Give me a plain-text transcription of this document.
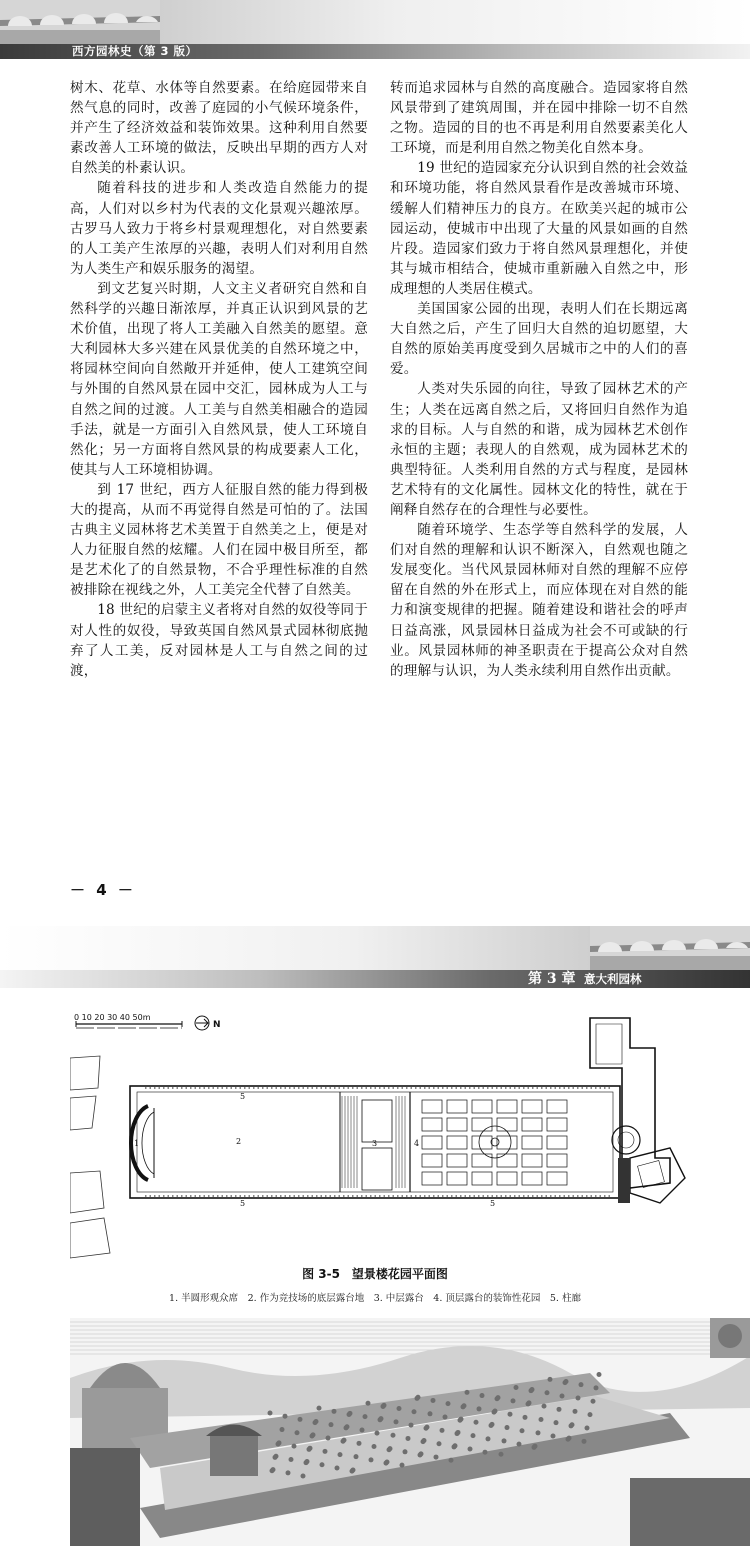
西方园林史（第 3 版）

树木、花草、水体等自然要素。在给庭园带来自然气息的同时，改善了庭园的小气候环境条件，并产生了经济效益和装饰效果。这种利用自然要素改善人工环境的做法，反映出早期的西方人对自然美的朴素认识。

随着科技的进步和人类改造自然能力的提高，人们对以乡村为代表的文化景观兴趣浓厚。古罗马人致力于将乡村景观理想化，对自然要素的人工美产生浓厚的兴趣，表明人们对利用自然为人类生产和娱乐服务的渴望。

到文艺复兴时期，人文主义者研究自然和自然科学的兴趣日渐浓厚，并真正认识到风景的艺术价值，出现了将人工美融入自然美的愿望。意大利园林大多兴建在风景优美的自然环境之中，将园林空间向自然敞开并延伸，使人工建筑空间与外围的自然风景在园中交汇，园林成为人工与自然之间的过渡。人工美与自然美相融合的造园手法，就是一方面引入自然风景，使人工环境自然化；另一方面将自然风景的构成要素人工化，使其与人工环境相协调。

到 17 世纪，西方人征服自然的能力得到极大的提高，从而不再觉得自然是可怕的了。法国古典主义园林将艺术美置于自然美之上，便是对人力征服自然的炫耀。人们在园中极目所至，都是艺术化了的自然景物，不合乎理性标准的自然被排除在视线之外，人工美完全代替了自然美。

18 世纪的启蒙主义者将对自然的奴役等同于对人性的奴役，导致英国自然风景式园林彻底抛弃了人工美，反对园林是人工与自然之间的过渡，

转而追求园林与自然的高度融合。造园家将自然风景带到了建筑周围，并在园中排除一切不自然之物。造园的目的也不再是利用自然要素美化人工环境，而是利用自然之物美化自然本身。

19 世纪的造园家充分认识到自然的社会效益和环境功能，将自然风景看作是改善城市环境、缓解人们精神压力的良方。在欧美兴起的城市公园运动，使城市中出现了大量的风景如画的自然片段。造园家们致力于将自然风景理想化，并使其与城市相结合，使城市重新融入自然之中，形成理想的人类居住模式。

美国国家公园的出现，表明人们在长期远离大自然之后，产生了回归大自然的迫切愿望，大自然的原始美再度受到久居城市之中的人们的喜爱。

人类对失乐园的向往，导致了园林艺术的产生；人类在远离自然之后，又将回归自然作为追求的目标。人与自然的和谐，成为园林艺术创作永恒的主题；表现人的自然观，成为园林艺术的典型特征。人类利用自然的方式与程度，是园林艺术特有的文化属性。园林文化的特性，就在于阐释自然存在的合理性与必要性。

随着环境学、生态学等自然科学的发展，人们对自然的理解和认识不断深入，自然观也随之发展变化。当代风景园林师对自然的理解不应停留在自然的外在形式上，而应体现在对自然的能力和演变规律的把握。随着建设和谐社会的呼声日益高涨，风景园林日益成为社会不可或缺的行业。风景园林师的神圣职责在于提高公众对自然的理解与认识，为人类永续利用自然作出贡献。

－ 4 －
第 3 章 意大利园林
0 10 20 30 40 50m
N
1	2	3	4
5
5	5
图 3-5　望景楼花园平面图
1. 半圆形观众席　2. 作为竞技场的底层露台地　3. 中层露台　4. 顶层露台的装饰性花园　5. 柱廊
